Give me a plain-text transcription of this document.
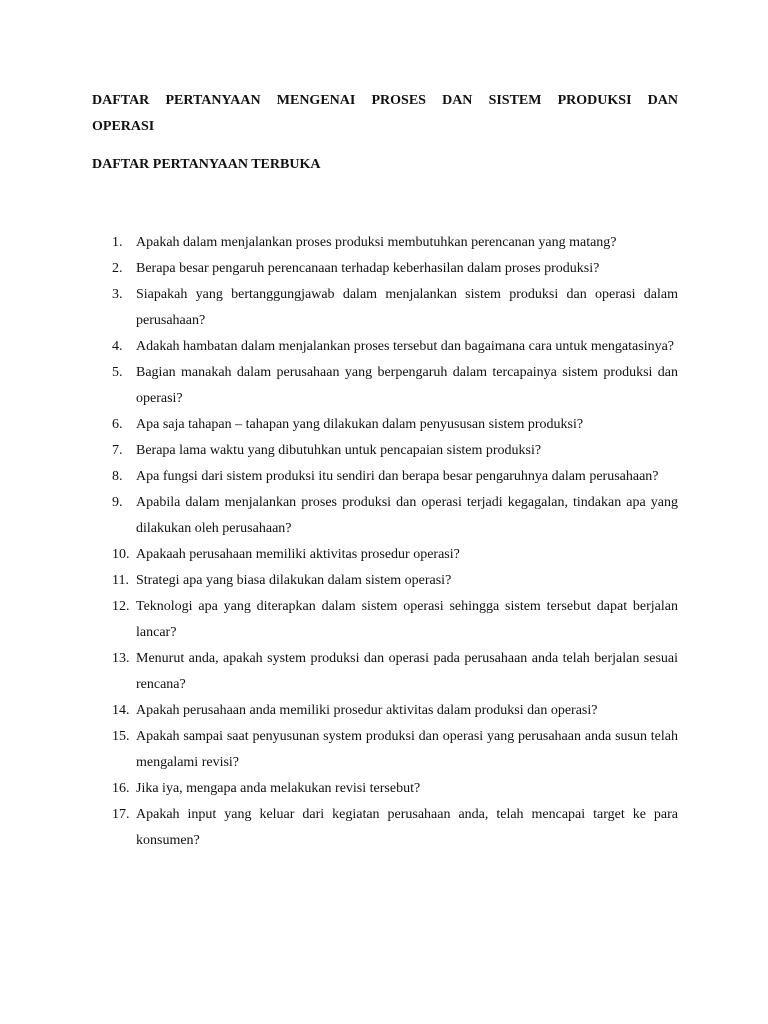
DAFTAR PERTANYAAN MENGENAI PROSES DAN SISTEM PRODUKSI DAN OPERASI
DAFTAR PERTANYAAN TERBUKA
1. Apakah dalam menjalankan proses produksi membutuhkan perencanan yang matang?
2. Berapa besar pengaruh perencanaan terhadap keberhasilan dalam proses produksi?
3. Siapakah yang bertanggungjawab dalam menjalankan sistem produksi dan operasi dalam perusahaan?
4. Adakah hambatan dalam menjalankan proses tersebut dan bagaimana cara untuk mengatasinya?
5. Bagian manakah dalam perusahaan yang berpengaruh dalam tercapainya sistem produksi dan operasi?
6. Apa saja tahapan – tahapan yang dilakukan dalam penyususan sistem produksi?
7. Berapa lama waktu yang dibutuhkan untuk pencapaian sistem produksi?
8. Apa fungsi dari sistem produksi itu sendiri dan berapa besar pengaruhnya dalam perusahaan?
9. Apabila dalam menjalankan proses produksi dan operasi terjadi kegagalan, tindakan apa yang dilakukan oleh perusahaan?
10. Apakaah perusahaan memiliki aktivitas prosedur operasi?
11. Strategi apa yang biasa dilakukan dalam sistem operasi?
12. Teknologi apa yang diterapkan dalam sistem operasi sehingga sistem tersebut dapat berjalan lancar?
13. Menurut anda, apakah system produksi dan operasi pada perusahaan anda telah berjalan sesuai rencana?
14. Apakah perusahaan anda memiliki prosedur aktivitas dalam produksi dan operasi?
15. Apakah sampai saat penyusunan system produksi dan operasi yang perusahaan anda susun telah mengalami revisi?
16. Jika iya, mengapa anda melakukan revisi tersebut?
17. Apakah input yang keluar dari kegiatan perusahaan anda, telah mencapai target ke para konsumen?
